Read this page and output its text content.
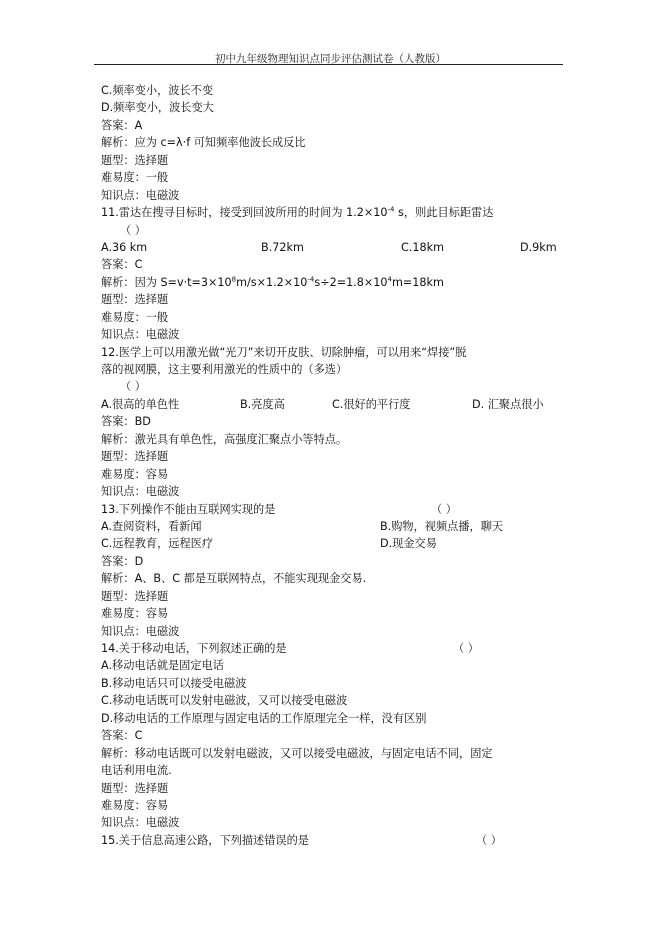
初中九年级物理知识点同步评估测试卷（人教版）
C.频率变小，波长不变
D.频率变小，波长变大
答案：A
解析：应为 c=λ·f 可知频率他波长成反比
题型：选择题
难易度：一般
知识点：电磁波
11.雷达在搜寻目标时，接受到回波所用的时间为 $1.2\times 10^{-4}$ s，则此目标距雷达
（ ）
A.36 km	B.72km	C.18km	D.9km
答案：C
解析：因为 $S=v\cdot t=3\times 10^8m/s\times 1.2\times 10^{-4}s\div 2=1.8\times 10^4m=18km$
题型：选择题
难易度：一般
知识点：电磁波
12.医学上可以用激光做“光刀”来切开皮肤、切除肿瘤，可以用来“焊接”脱
落的视网膜，这主要利用激光的性质中的（多选）
（ ）
A.很高的单色性	B.亮度高	C.很好的平行度	D. 汇聚点很小
答案：BD
解析：激光具有单色性，高强度汇聚点小等特点。
题型：选择题
难易度：容易
知识点：电磁波
13.下列操作不能由互联网实现的是	（ ）
A.查阅资料，看新闻	B.购物，视频点播，聊天
C.远程教育，远程医疗	D.现金交易
答案：D
解析：A、B、C 都是互联网特点，不能实现现金交易.
题型：选择题
难易度：容易
知识点：电磁波
14.关于移动电话，下列叙述正确的是	（ ）
A.移动电话就是固定电话
B.移动电话只可以接受电磁波
C.移动电话既可以发射电磁波，又可以接受电磁波
D.移动电话的工作原理与固定电话的工作原理完全一样，没有区别
答案：C
解析：移动电话既可以发射电磁波，又可以接受电磁波，与固定电话不同，固定
电话利用电流.
题型：选择题
难易度：容易
知识点：电磁波
15.关于信息高速公路，下列描述错误的是	（ ）
